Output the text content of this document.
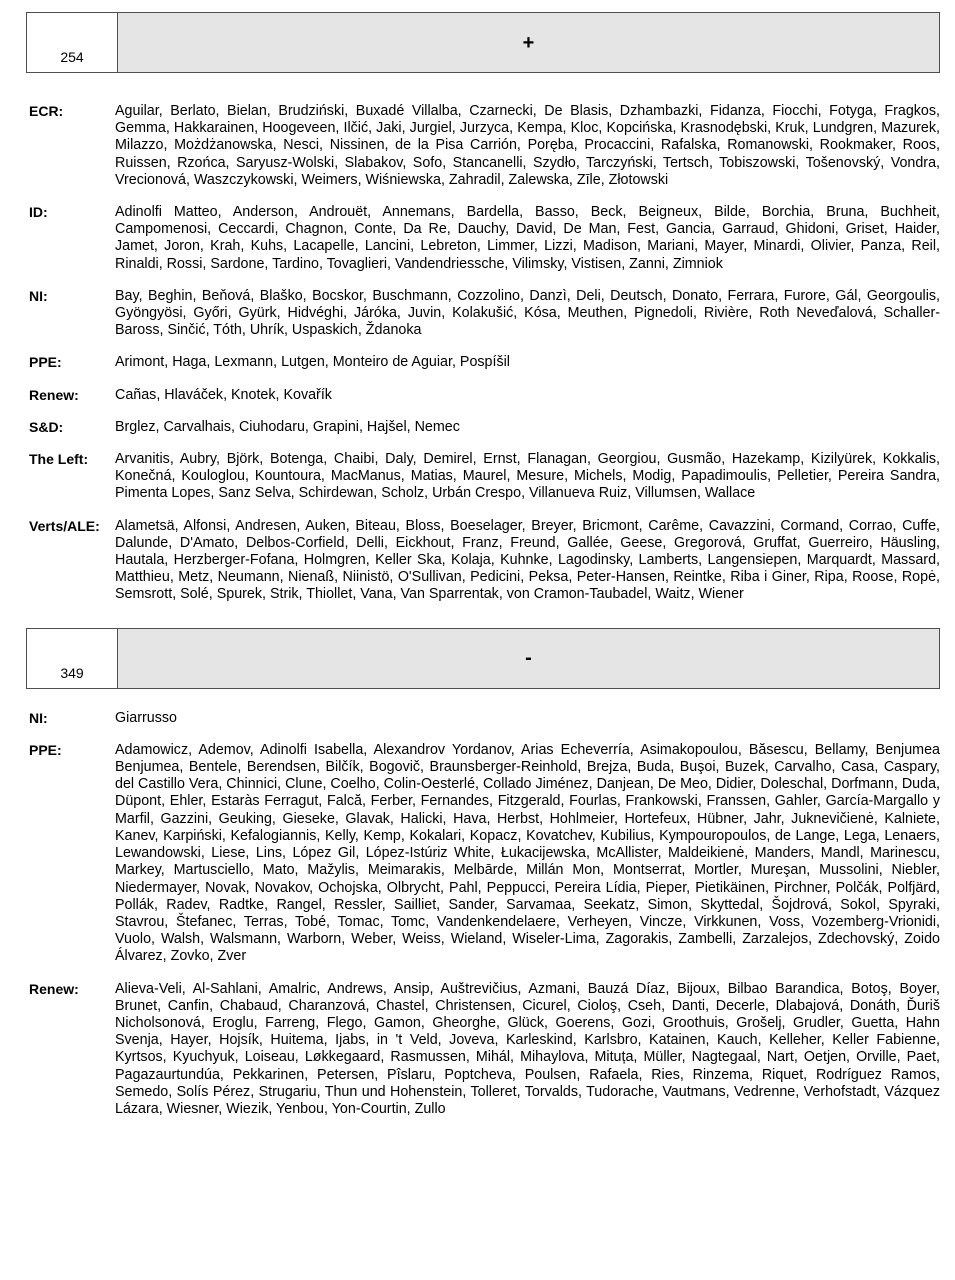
254
+
ECR:	Aguilar, Berlato, Bielan, Brudziński, Buxadé Villalba, Czarnecki, De Blasis, Dzhambazki, Fidanza, Fiocchi, Fotyga, Fragkos, Gemma, Hakkarainen, Hoogeveen, Ilčić, Jaki, Jurgiel, Jurzyca, Kempa, Kloc, Kopcińska, Krasnodębski, Kruk, Lundgren, Mazurek, Milazzo, Możdżanowska, Nesci, Nissinen, de la Pisa Carrión, Poręba, Procaccini, Rafalska, Romanowski, Rookmaker, Roos, Ruissen, Rzońca, Saryusz-Wolski, Slabakov, Sofo, Stancanelli, Szydło, Tarczyński, Tertsch, Tobiszowski, Tošenovský, Vondra, Vrecionová, Waszczykowski, Weimers, Wiśniewska, Zahradil, Zalewska, Zīle, Złotowski
ID:	Adinolfi Matteo, Anderson, Androuët, Annemans, Bardella, Basso, Beck, Beigneux, Bilde, Borchia, Bruna, Buchheit, Campomenosi, Ceccardi, Chagnon, Conte, Da Re, Dauchy, David, De Man, Fest, Gancia, Garraud, Ghidoni, Griset, Haider, Jamet, Joron, Krah, Kuhs, Lacapelle, Lancini, Lebreton, Limmer, Lizzi, Madison, Mariani, Mayer, Minardi, Olivier, Panza, Reil, Rinaldi, Rossi, Sardone, Tardino, Tovaglieri, Vandendriessche, Vilimsky, Vistisen, Zanni, Zimniok
NI:	Bay, Beghin, Beňová, Blaško, Bocskor, Buschmann, Cozzolino, Danzì, Deli, Deutsch, Donato, Ferrara, Furore, Gál, Georgoulis, Gyöngyösi, Győri, Gyürk, Hidvéghi, Járóka, Juvin, Kolakušić, Kósa, Meuthen, Pignedoli, Rivière, Roth Neveďalová, Schaller-Baross, Sinčić, Tóth, Uhrík, Uspaskich, Ždanoka
PPE:	Arimont, Haga, Lexmann, Lutgen, Monteiro de Aguiar, Pospíšil
Renew:	Cañas, Hlaváček, Knotek, Kovařík
S&D:	Brglez, Carvalhais, Ciuhodaru, Grapini, Hajšel, Nemec
The Left:	Arvanitis, Aubry, Björk, Botenga, Chaibi, Daly, Demirel, Ernst, Flanagan, Georgiou, Gusmão, Hazekamp, Kizilyürek, Kokkalis, Konečná, Kouloglou, Kountoura, MacManus, Matias, Maurel, Mesure, Michels, Modig, Papadimoulis, Pelletier, Pereira Sandra, Pimenta Lopes, Sanz Selva, Schirdewan, Scholz, Urbán Crespo, Villanueva Ruiz, Villumsen, Wallace
Verts/ALE:	Alametsä, Alfonsi, Andresen, Auken, Biteau, Bloss, Boeselager, Breyer, Bricmont, Carême, Cavazzini, Cormand, Corrao, Cuffe, Dalunde, D'Amato, Delbos-Corfield, Delli, Eickhout, Franz, Freund, Gallée, Geese, Gregorová, Gruffat, Guerreiro, Häusling, Hautala, Herzberger-Fofana, Holmgren, Keller Ska, Kolaja, Kuhnke, Lagodinsky, Lamberts, Langensiepen, Marquardt, Massard, Matthieu, Metz, Neumann, Nienaß, Niinistö, O'Sullivan, Pedicini, Peksa, Peter-Hansen, Reintke, Riba i Giner, Ripa, Roose, Ropė, Semsrott, Solé, Spurek, Strik, Thiollet, Vana, Van Sparrentak, von Cramon-Taubadel, Waitz, Wiener
349
-
NI:	Giarrusso
PPE:	Adamowicz, Ademov, Adinolfi Isabella, Alexandrov Yordanov, Arias Echeverría, Asimakopoulou, Băsescu, Bellamy, Benjumea Benjumea, Bentele, Berendsen, Bilčík, Bogovič, Braunsberger-Reinhold, Brejza, Buda, Buşoi, Buzek, Carvalho, Casa, Caspary, del Castillo Vera, Chinnici, Clune, Coelho, Colin-Oesterlé, Collado Jiménez, Danjean, De Meo, Didier, Doleschal, Dorfmann, Duda, Düpont, Ehler, Estaràs Ferragut, Falcă, Ferber, Fernandes, Fitzgerald, Fourlas, Frankowski, Franssen, Gahler, García-Margallo y Marfil, Gazzini, Geuking, Gieseke, Glavak, Halicki, Hava, Herbst, Hohlmeier, Hortefeux, Hübner, Jahr, Juknevičienė, Kalniete, Kanev, Karpiński, Kefalogiannis, Kelly, Kemp, Kokalari, Kopacz, Kovatchev, Kubilius, Kympouropoulos, de Lange, Lega, Lenaers, Lewandowski, Liese, Lins, López Gil, López-Istúriz White, Łukacijewska, McAllister, Maldeikienė, Manders, Mandl, Marinescu, Markey, Martusciello, Mato, Mažylis, Meimarakis, Melbārde, Millán Mon, Montserrat, Mortler, Mureşan, Mussolini, Niebler, Niedermayer, Novak, Novakov, Ochojska, Olbrycht, Pahl, Peppucci, Pereira Lídia, Pieper, Pietikäinen, Pirchner, Polčák, Polfjärd, Pollák, Radev, Radtke, Rangel, Ressler, Sailliet, Sander, Sarvamaa, Seekatz, Simon, Skyttedal, Šojdrová, Sokol, Spyraki, Stavrou, Štefanec, Terras, Tobé, Tomac, Tomc, Vandenkendelaere, Verheyen, Vincze, Virkkunen, Voss, Vozemberg-Vrionidi, Vuolo, Walsh, Walsmann, Warborn, Weber, Weiss, Wieland, Wiseler-Lima, Zagorakis, Zambelli, Zarzalejos, Zdechovský, Zoido Álvarez, Zovko, Zver
Renew:	Alieva-Veli, Al-Sahlani, Amalric, Andrews, Ansip, Auštrevičius, Azmani, Bauzá Díaz, Bijoux, Bilbao Barandica, Botoş, Boyer, Brunet, Canfin, Chabaud, Charanzová, Chastel, Christensen, Cicurel, Cioloş, Cseh, Danti, Decerle, Dlabajová, Donáth, Ďuriš Nicholsonová, Eroglu, Farreng, Flego, Gamon, Gheorghe, Glück, Goerens, Gozi, Groothuis, Grošelj, Grudler, Guetta, Hahn Svenja, Hayer, Hojsík, Huitema, Ijabs, in 't Veld, Joveva, Karleskind, Karlsbro, Katainen, Kauch, Kelleher, Keller Fabienne, Kyrtsos, Kyuchyuk, Loiseau, Løkkegaard, Rasmussen, Mihál, Mihaylova, Mituța, Müller, Nagtegaal, Nart, Oetjen, Orville, Paet, Pagazaurtundúa, Pekkarinen, Petersen, Pîslaru, Poptcheva, Poulsen, Rafaela, Ries, Rinzema, Riquet, Rodríguez Ramos, Semedo, Solís Pérez, Strugariu, Thun und Hohenstein, Tolleret, Torvalds, Tudorache, Vautmans, Vedrenne, Verhofstadt, Vázquez Lázara, Wiesner, Wiezik, Yenbou, Yon-Courtin, Zullo
